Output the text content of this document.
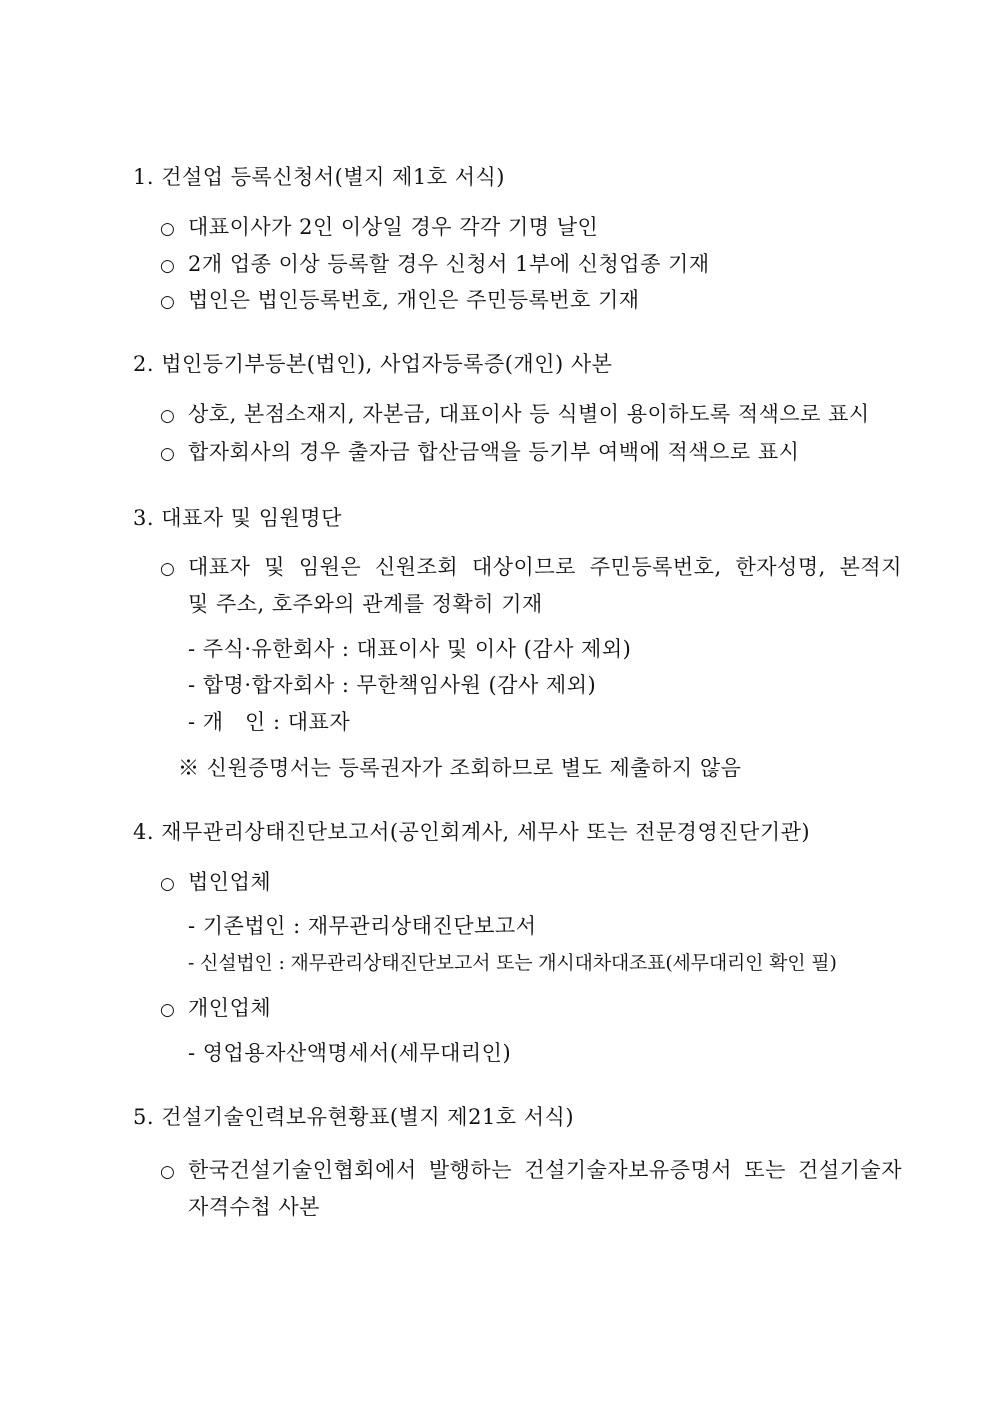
1. 건설업 등록신청서(별지 제1호 서식)
○ 대표이사가 2인 이상일 경우 각각 기명 날인
○ 2개 업종 이상 등록할 경우 신청서 1부에 신청업종 기재
○ 법인은 법인등록번호, 개인은 주민등록번호 기재
2. 법인등기부등본(법인), 사업자등록증(개인) 사본
○ 상호, 본점소재지, 자본금, 대표이사 등 식별이 용이하도록 적색으로 표시
○ 합자회사의 경우 출자금 합산금액을 등기부 여백에 적색으로 표시
3. 대표자 및 임원명단
○ 대표자 및 임원은 신원조회 대상이므로 주민등록번호, 한자성명, 본적지
및 주소, 호주와의 관계를 정확히 기재
- 주식·유한회사 : 대표이사 및 이사 (감사 제외)
- 합명·합자회사 : 무한책임사원 (감사 제외)
- 개　인 : 대표자
※ 신원증명서는 등록권자가 조회하므로 별도 제출하지 않음
4. 재무관리상태진단보고서(공인회계사, 세무사 또는 전문경영진단기관)
○ 법인업체
- 기존법인 : 재무관리상태진단보고서
- 신설법인 : 재무관리상태진단보고서 또는 개시대차대조표(세무대리인 확인 필)
○ 개인업체
- 영업용자산액명세서(세무대리인)
5. 건설기술인력보유현황표(별지 제21호 서식)
○ 한국건설기술인협회에서 발행하는 건설기술자보유증명서 또는 건설기술자
자격수첩 사본
